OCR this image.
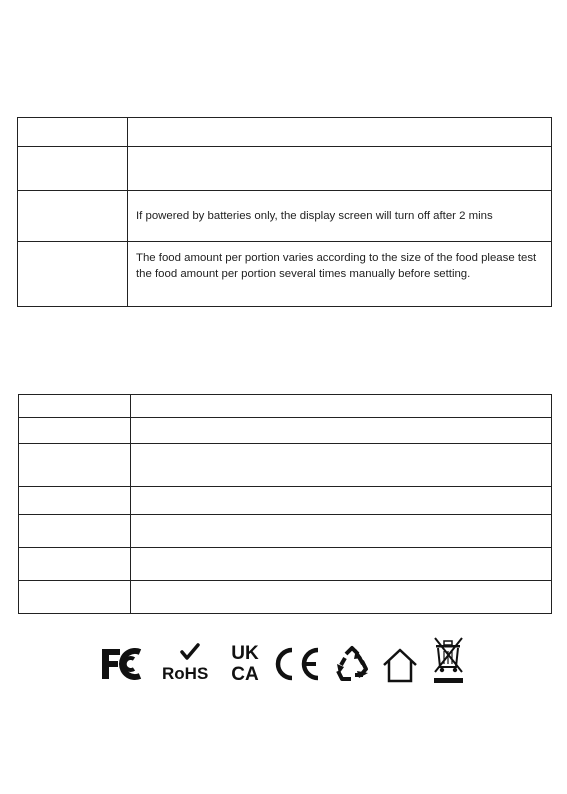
	If powered by batteries only, the display screen will turn off after 2 mins
	The food amount per portion varies according to the size of the food please test the food amount per portion several times manually before setting.

RoHS
UK
CA
